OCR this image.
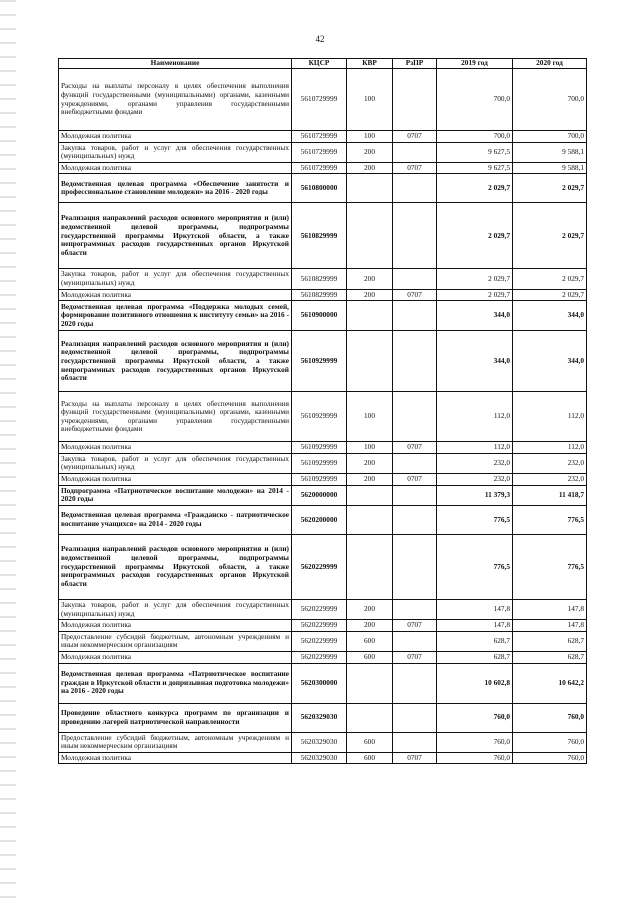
42
Наименование	КЦСР	КВР	РзПР	2019 год	2020 год
Расходы на выплаты персоналу в целях обеспечения выполнения функций государственными (муниципальными) органами, казенными учреждениями, органами управления государственными внебюджетными фондами	5610729999	100		700,0	700,0
Молодежная политика	5610729999	100	0707	700,0	700,0
Закупка товаров, работ и услуг для обеспечения государственных (муниципальных) нужд	5610729999	200		9 627,5	9 588,1
Молодежная политика	5610729999	200	0707	9 627,5	9 588,1
Ведомственная целевая программа «Обеспечение занятости и профессиональное становление молодежи» на 2016 - 2020 годы	5610800000			2 029,7	2 029,7
Реализация направлений расходов основного мероприятия и (или) ведомственной целевой программы, подпрограммы государственной программы Иркутской области, а также непрограммных расходов государственных органов Иркутской области	5610829999			2 029,7	2 029,7
Закупка товаров, работ и услуг для обеспечения государственных (муниципальных) нужд	5610829999	200		2 029,7	2 029,7
Молодежная политика	5610829999	200	0707	2 029,7	2 029,7
Ведомственная целевая программа «Поддержка молодых семей, формирование позитивного отношения к институту семьи» на 2016 - 2020 годы	5610900000			344,0	344,0
Реализация направлений расходов основного мероприятия и (или) ведомственной целевой программы, подпрограммы государственной программы Иркутской области, а также непрограммных расходов государственных органов Иркутской области	5610929999			344,0	344,0
Расходы на выплаты персоналу в целях обеспечения выполнения функций государственными (муниципальными) органами, казенными учреждениями, органами управления государственными внебюджетными фондами	5610929999	100		112,0	112,0
Молодежная политика	5610929999	100	0707	112,0	112,0
Закупка товаров, работ и услуг для обеспечения государственных (муниципальных) нужд	5610929999	200		232,0	232,0
Молодежная политика	5610929999	200	0707	232,0	232,0
Подпрограмма «Патриотическое воспитание молодежи» на 2014 - 2020 годы	5620000000			11 379,3	11 418,7
Ведомственная целевая программа «Гражданско - патриотическое воспитание учащихся» на 2014 - 2020 годы	5620200000			776,5	776,5
Реализация направлений расходов основного мероприятия и (или) ведомственной целевой программы, подпрограммы государственной программы Иркутской области, а также непрограммных расходов государственных органов Иркутской области	5620229999			776,5	776,5
Закупка товаров, работ и услуг для обеспечения государственных (муниципальных) нужд	5620229999	200		147,8	147,8
Молодежная политика	5620229999	200	0707	147,8	147,8
Предоставление субсидий бюджетным, автономным учреждениям и иным некоммерческим организациям	5620229999	600		628,7	628,7
Молодежная политика	5620229999	600	0707	628,7	628,7
Ведомственная целевая программа «Патриотическое воспитание граждан в Иркутской области и допризывная подготовка молодежи» на 2016 - 2020 годы	5620300000			10 602,8	10 642,2
Проведение областного конкурса программ по организации и проведению лагерей патриотической направленности	5620329030			760,0	760,0
Предоставление субсидий бюджетным, автономным учреждениям и иным некоммерческим организациям	5620329030	600		760,0	760,0
Молодежная политика	5620329030	600	0707	760,0	760,0
